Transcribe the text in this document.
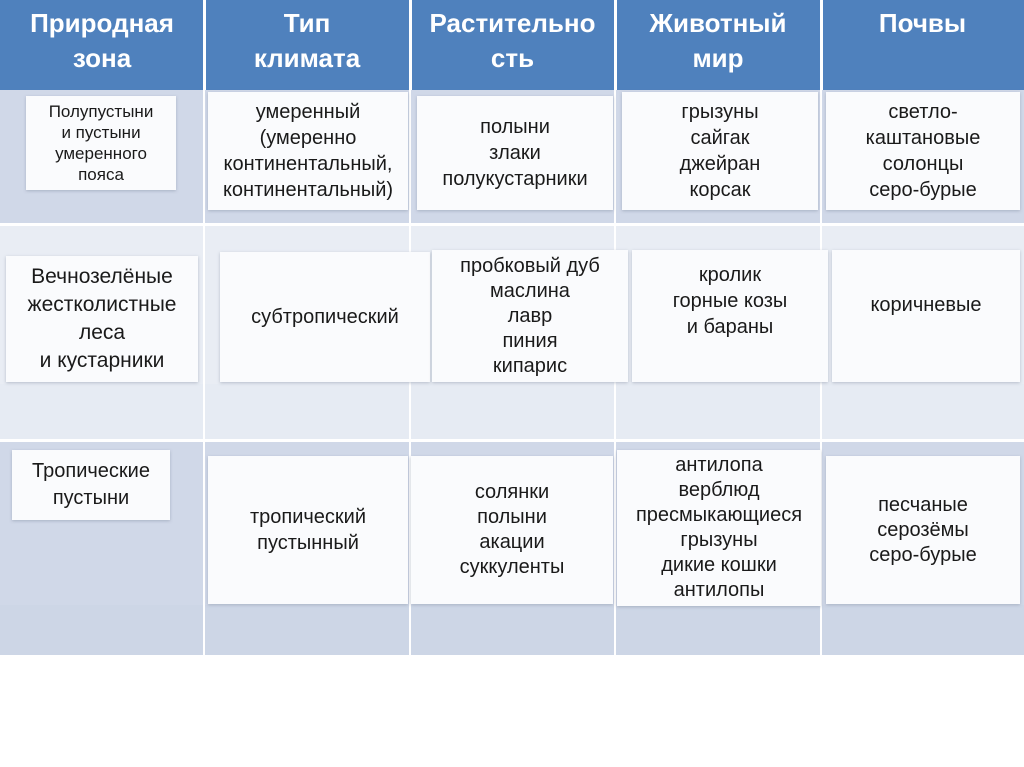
Природная
зона
Тип
климата
Растительно
сть
Животный
мир
Почвы
Полупустыни
и пустыни
умеренного
пояса
умеренный
(умеренно
континентальный,
континентальный)
полыни
злаки
полукустарники
грызуны
сайгак
джейран
корсак
светло-
каштановые
солонцы
серо-бурые
Вечнозелёные
жестколистные
леса
и кустарники
субтропический
пробковый дуб
маслина
лавр
пиния
кипарис
кролик
горные козы
и бараны
коричневые
Тропические
пустыни
тропический
пустынный
солянки
полыни
акации
суккуленты
антилопа
верблюд
пресмыкающиеся
грызуны
дикие кошки
антилопы
песчаные
серозёмы
серо-бурые
